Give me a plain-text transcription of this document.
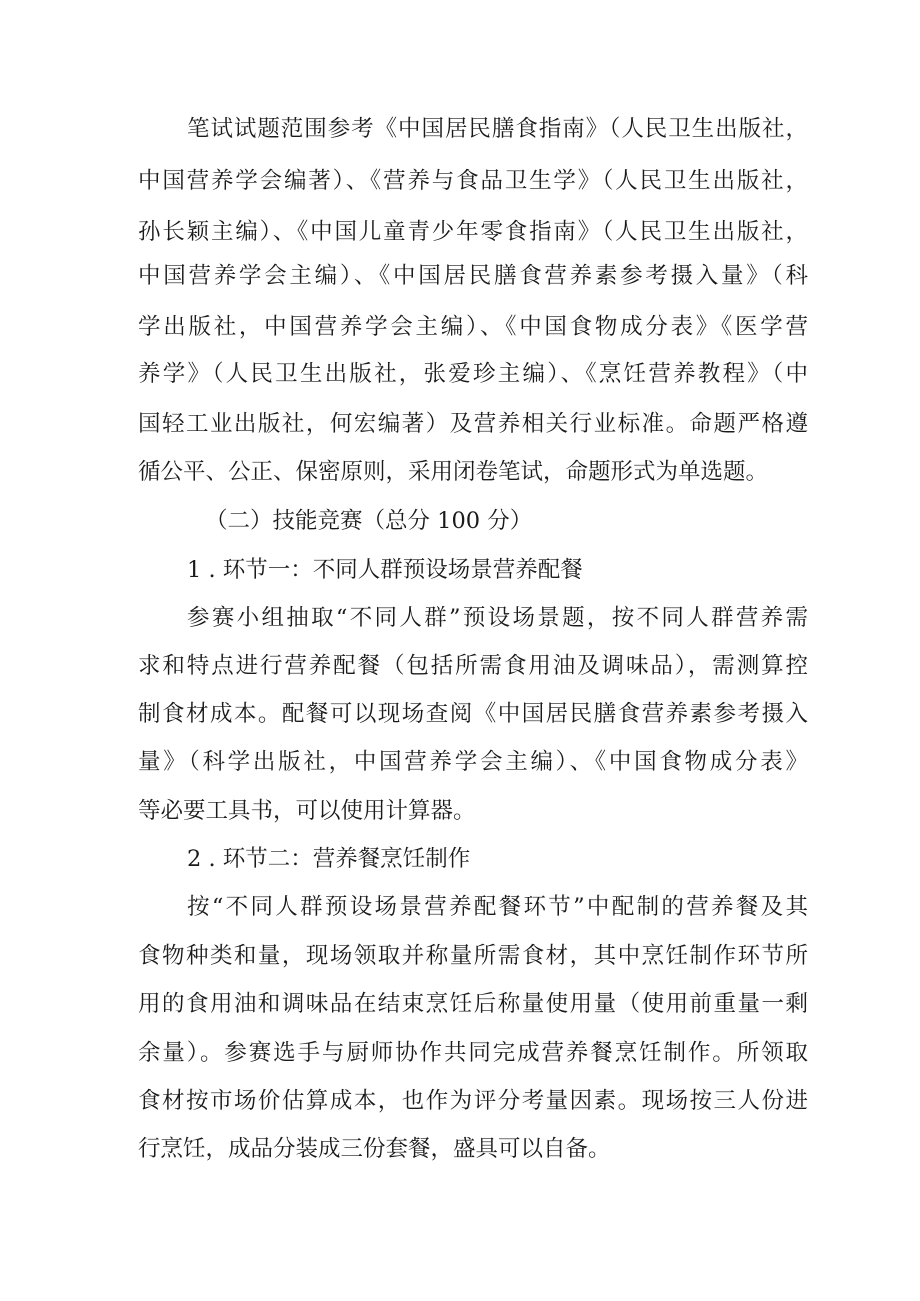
笔试试题范围参考《中国居民膳食指南》（人民卫生出版社，
中国营养学会编著）、《营养与食品卫生学》（人民卫生出版社，
孙长颖主编）、《中国儿童青少年零食指南》（人民卫生出版社，
中国营养学会主编）、《中国居民膳食营养素参考摄入量》（科
学出版社，中国营养学会主编）、《中国食物成分表》《医学营
养学》（人民卫生出版社，张爱珍主编）、《烹饪营养教程》（中
国轻工业出版社，何宏编著）及营养相关行业标准。命题严格遵
循公平、公正、保密原则，采用闭卷笔试，命题形式为单选题。
（二）技能竞赛（总分 100 分）
1 . 环节一：不同人群预设场景营养配餐
参赛小组抽取“不同人群”预设场景题，按不同人群营养需
求和特点进行营养配餐（包括所需食用油及调味品），需测算控
制食材成本。配餐可以现场查阅《中国居民膳食营养素参考摄入
量》（科学出版社，中国营养学会主编）、《中国食物成分表》
等必要工具书，可以使用计算器。
2 . 环节二：营养餐烹饪制作
按“不同人群预设场景营养配餐环节”中配制的营养餐及其
食物种类和量，现场领取并称量所需食材，其中烹饪制作环节所
用的食用油和调味品在结束烹饪后称量使用量（使用前重量一剩
余量）。参赛选手与厨师协作共同完成营养餐烹饪制作。所领取
食材按市场价估算成本，也作为评分考量因素。现场按三人份进
行烹饪，成品分装成三份套餐，盛具可以自备。
